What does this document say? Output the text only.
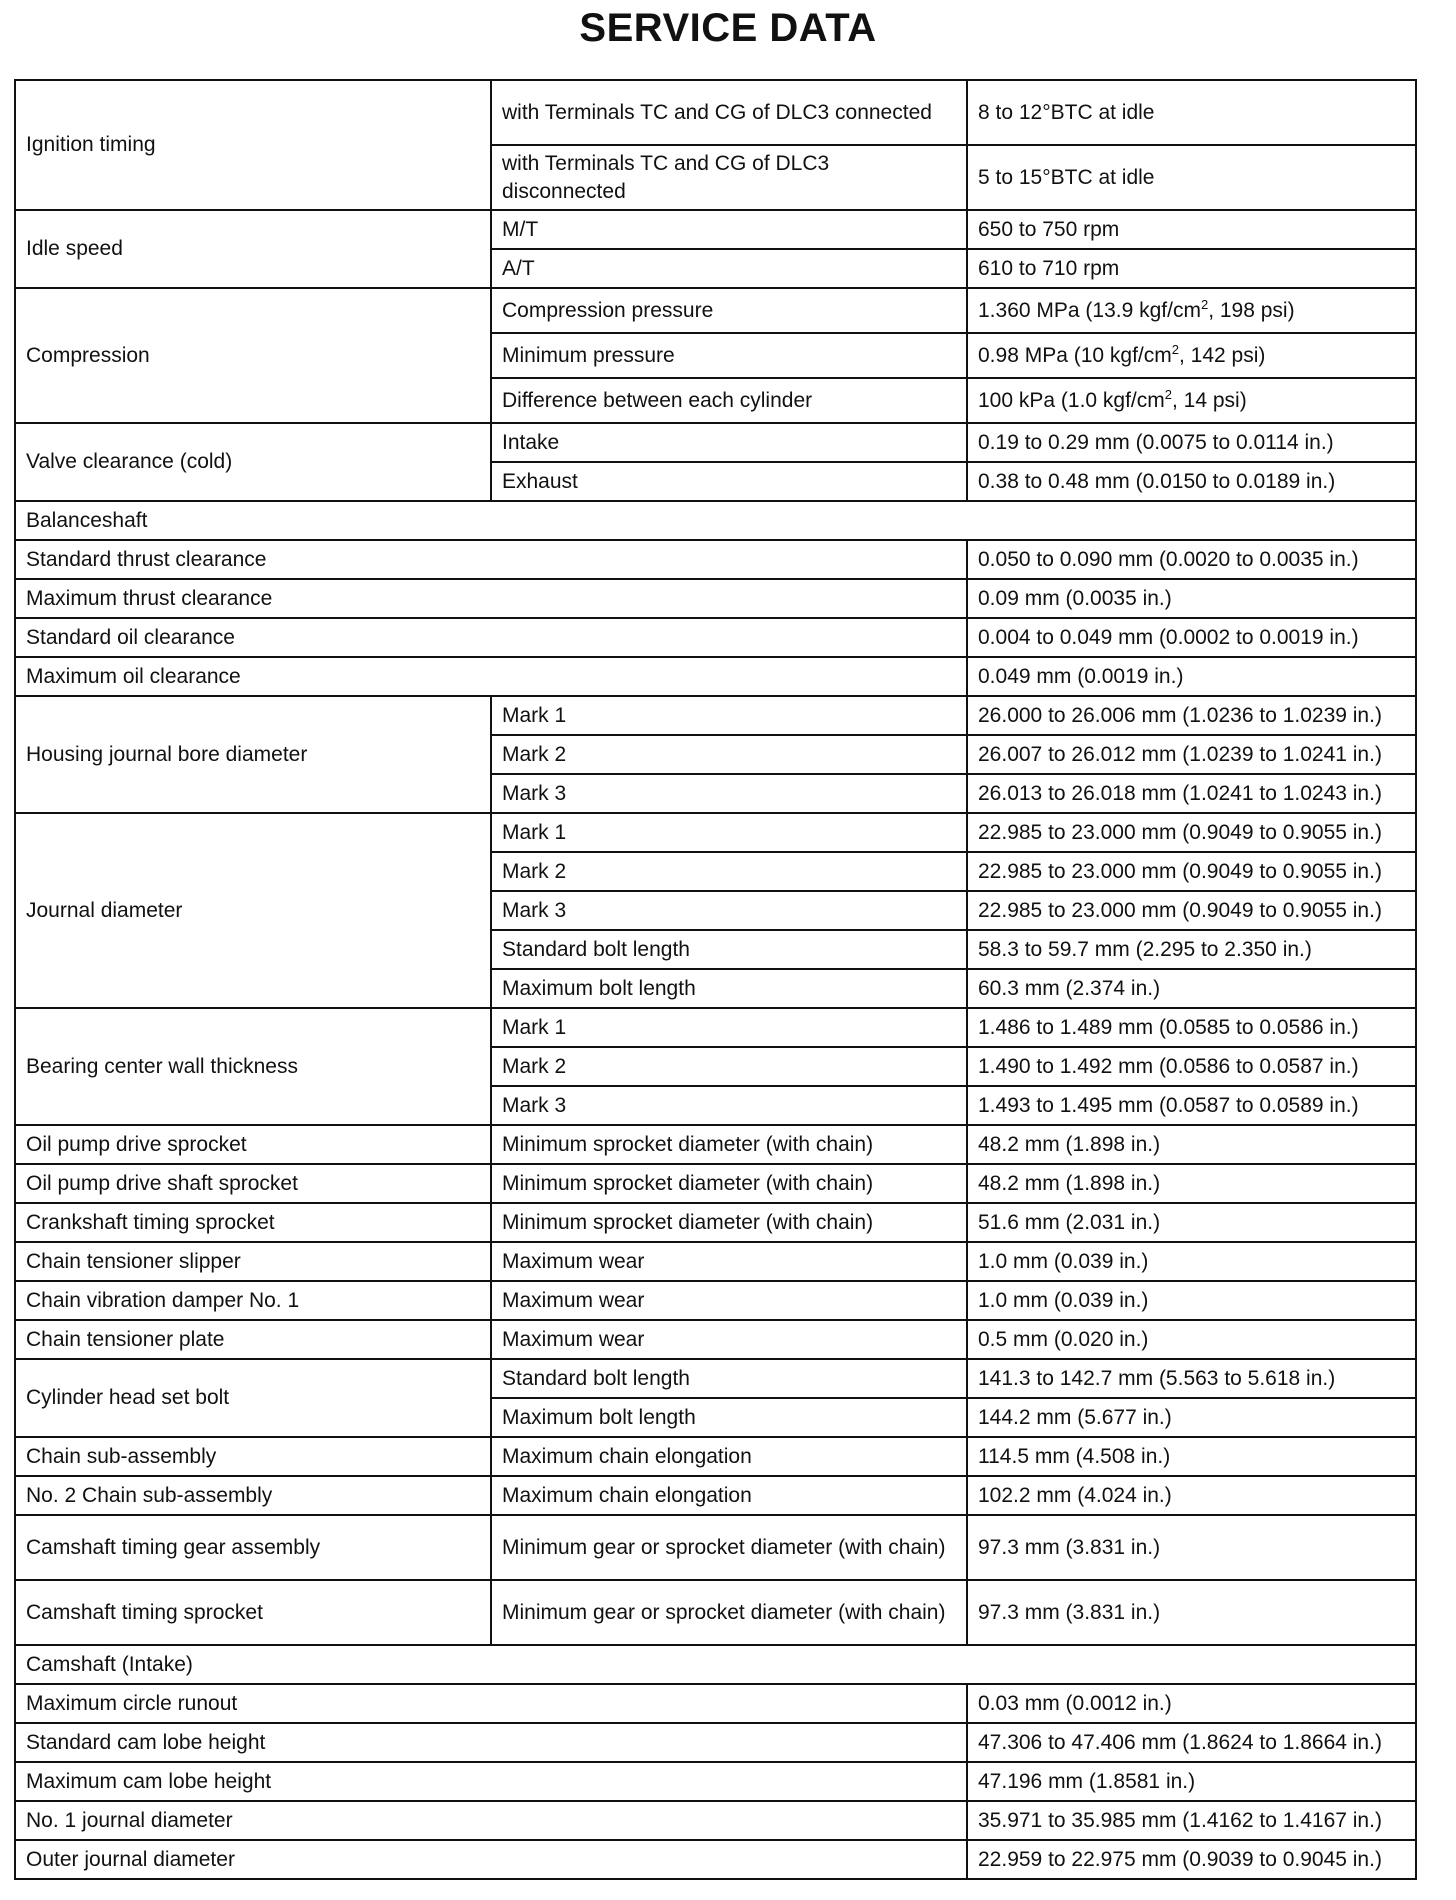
SERVICE DATA
Ignition timing	with Terminals TC and CG of DLC3 connected	8 to 12°BTC at idle
	with Terminals TC and CG of DLC3 disconnected	5 to 15°BTC at idle
Idle speed	M/T	650 to 750 rpm
	A/T	610 to 710 rpm
Compression	Compression pressure	1.360 MPa (13.9 kgf/$cm^2$, 198 psi)
	Minimum pressure	0.98 MPa (10 kgf/$cm^2$, 142 psi)
	Difference between each cylinder	100 kPa (1.0 kgf/$cm^2$, 14 psi)
Valve clearance (cold)	Intake	0.19 to 0.29 mm (0.0075 to 0.0114 in.)
	Exhaust	0.38 to 0.48 mm (0.0150 to 0.0189 in.)
Balanceshaft		
Standard thrust clearance		0.050 to 0.090 mm (0.0020 to 0.0035 in.)
Maximum thrust clearance		0.09 mm (0.0035 in.)
Standard oil clearance		0.004 to 0.049 mm (0.0002 to 0.0019 in.)
Maximum oil clearance		0.049 mm (0.0019 in.)
Housing journal bore diameter	Mark 1	26.000 to 26.006 mm (1.0236 to 1.0239 in.)
	Mark 2	26.007 to 26.012 mm (1.0239 to 1.0241 in.)
	Mark 3	26.013 to 26.018 mm (1.0241 to 1.0243 in.)
Journal diameter	Mark 1	22.985 to 23.000 mm (0.9049 to 0.9055 in.)
	Mark 2	22.985 to 23.000 mm (0.9049 to 0.9055 in.)
	Mark 3	22.985 to 23.000 mm (0.9049 to 0.9055 in.)
	Standard bolt length	58.3 to 59.7 mm (2.295 to 2.350 in.)
	Maximum bolt length	60.3 mm (2.374 in.)
Bearing center wall thickness	Mark 1	1.486 to 1.489 mm (0.0585 to 0.0586 in.)
	Mark 2	1.490 to 1.492 mm (0.0586 to 0.0587 in.)
	Mark 3	1.493 to 1.495 mm (0.0587 to 0.0589 in.)
Oil pump drive sprocket	Minimum sprocket diameter (with chain)	48.2 mm (1.898 in.)
Oil pump drive shaft sprocket	Minimum sprocket diameter (with chain)	48.2 mm (1.898 in.)
Crankshaft timing sprocket	Minimum sprocket diameter (with chain)	51.6 mm (2.031 in.)
Chain tensioner slipper	Maximum wear	1.0 mm (0.039 in.)
Chain vibration damper No. 1	Maximum wear	1.0 mm (0.039 in.)
Chain tensioner plate	Maximum wear	0.5 mm (0.020 in.)
Cylinder head set bolt	Standard bolt length	141.3 to 142.7 mm (5.563 to 5.618 in.)
	Maximum bolt length	144.2 mm (5.677 in.)
Chain sub-assembly	Maximum chain elongation	114.5 mm (4.508 in.)
No. 2 Chain sub-assembly	Maximum chain elongation	102.2 mm (4.024 in.)
Camshaft timing gear assembly	Minimum gear or sprocket diameter (with chain)	97.3 mm (3.831 in.)
Camshaft timing sprocket	Minimum gear or sprocket diameter (with chain)	97.3 mm (3.831 in.)
Camshaft (Intake)		
Maximum circle runout		0.03 mm (0.0012 in.)
Standard cam lobe height		47.306 to 47.406 mm (1.8624 to 1.8664 in.)
Maximum cam lobe height		47.196 mm (1.8581 in.)
No. 1 journal diameter		35.971 to 35.985 mm (1.4162 to 1.4167 in.)
Outer journal diameter		22.959 to 22.975 mm (0.9039 to 0.9045 in.)
